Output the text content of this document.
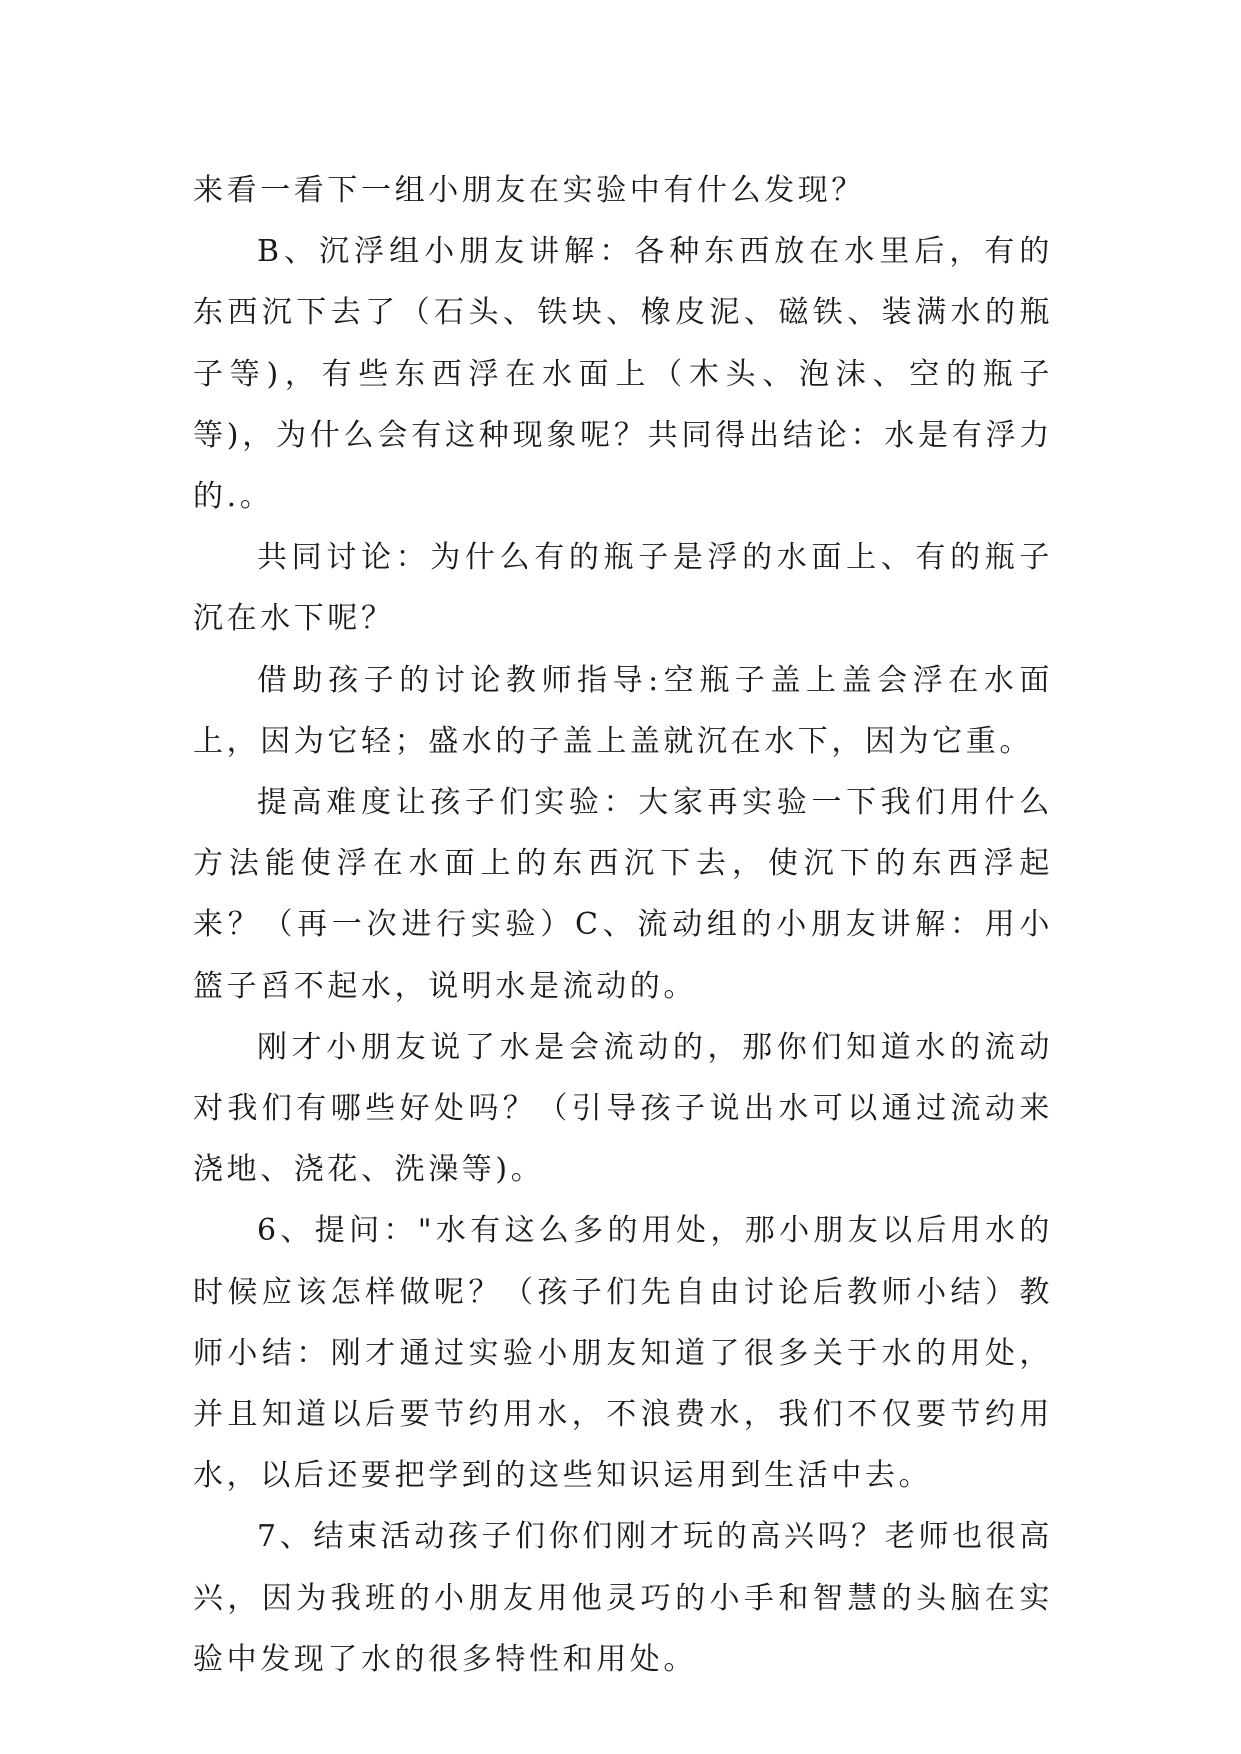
来看一看下一组小朋友在实验中有什么发现？

B、沉浮组小朋友讲解：各种东西放在水里后，有的东西沉下去了（石头、铁块、橡皮泥、磁铁、装满水的瓶子等)，有些东西浮在水面上（木头、泡沫、空的瓶子等)，为什么会有这种现象呢？共同得出结论：水是有浮力的.。

共同讨论：为什么有的瓶子是浮的水面上、有的瓶子沉在水下呢？

借助孩子的讨论教师指导:空瓶子盖上盖会浮在水面上，因为它轻；盛水的子盖上盖就沉在水下，因为它重。

提高难度让孩子们实验：大家再实验一下我们用什么方法能使浮在水面上的东西沉下去，使沉下的东西浮起来？（再一次进行实验）C、流动组的小朋友讲解：用小篮子舀不起水，说明水是流动的。

刚才小朋友说了水是会流动的，那你们知道水的流动对我们有哪些好处吗？（引导孩子说出水可以通过流动来浇地、浇花、洗澡等)。

6、提问："水有这么多的用处，那小朋友以后用水的时候应该怎样做呢？（孩子们先自由讨论后教师小结）教师小结：刚才通过实验小朋友知道了很多关于水的用处，并且知道以后要节约用水，不浪费水，我们不仅要节约用水，以后还要把学到的这些知识运用到生活中去。

7、结束活动孩子们你们刚才玩的高兴吗？老师也很高兴，因为我班的小朋友用他灵巧的小手和智慧的头脑在实验中发现了水的很多特性和用处。
